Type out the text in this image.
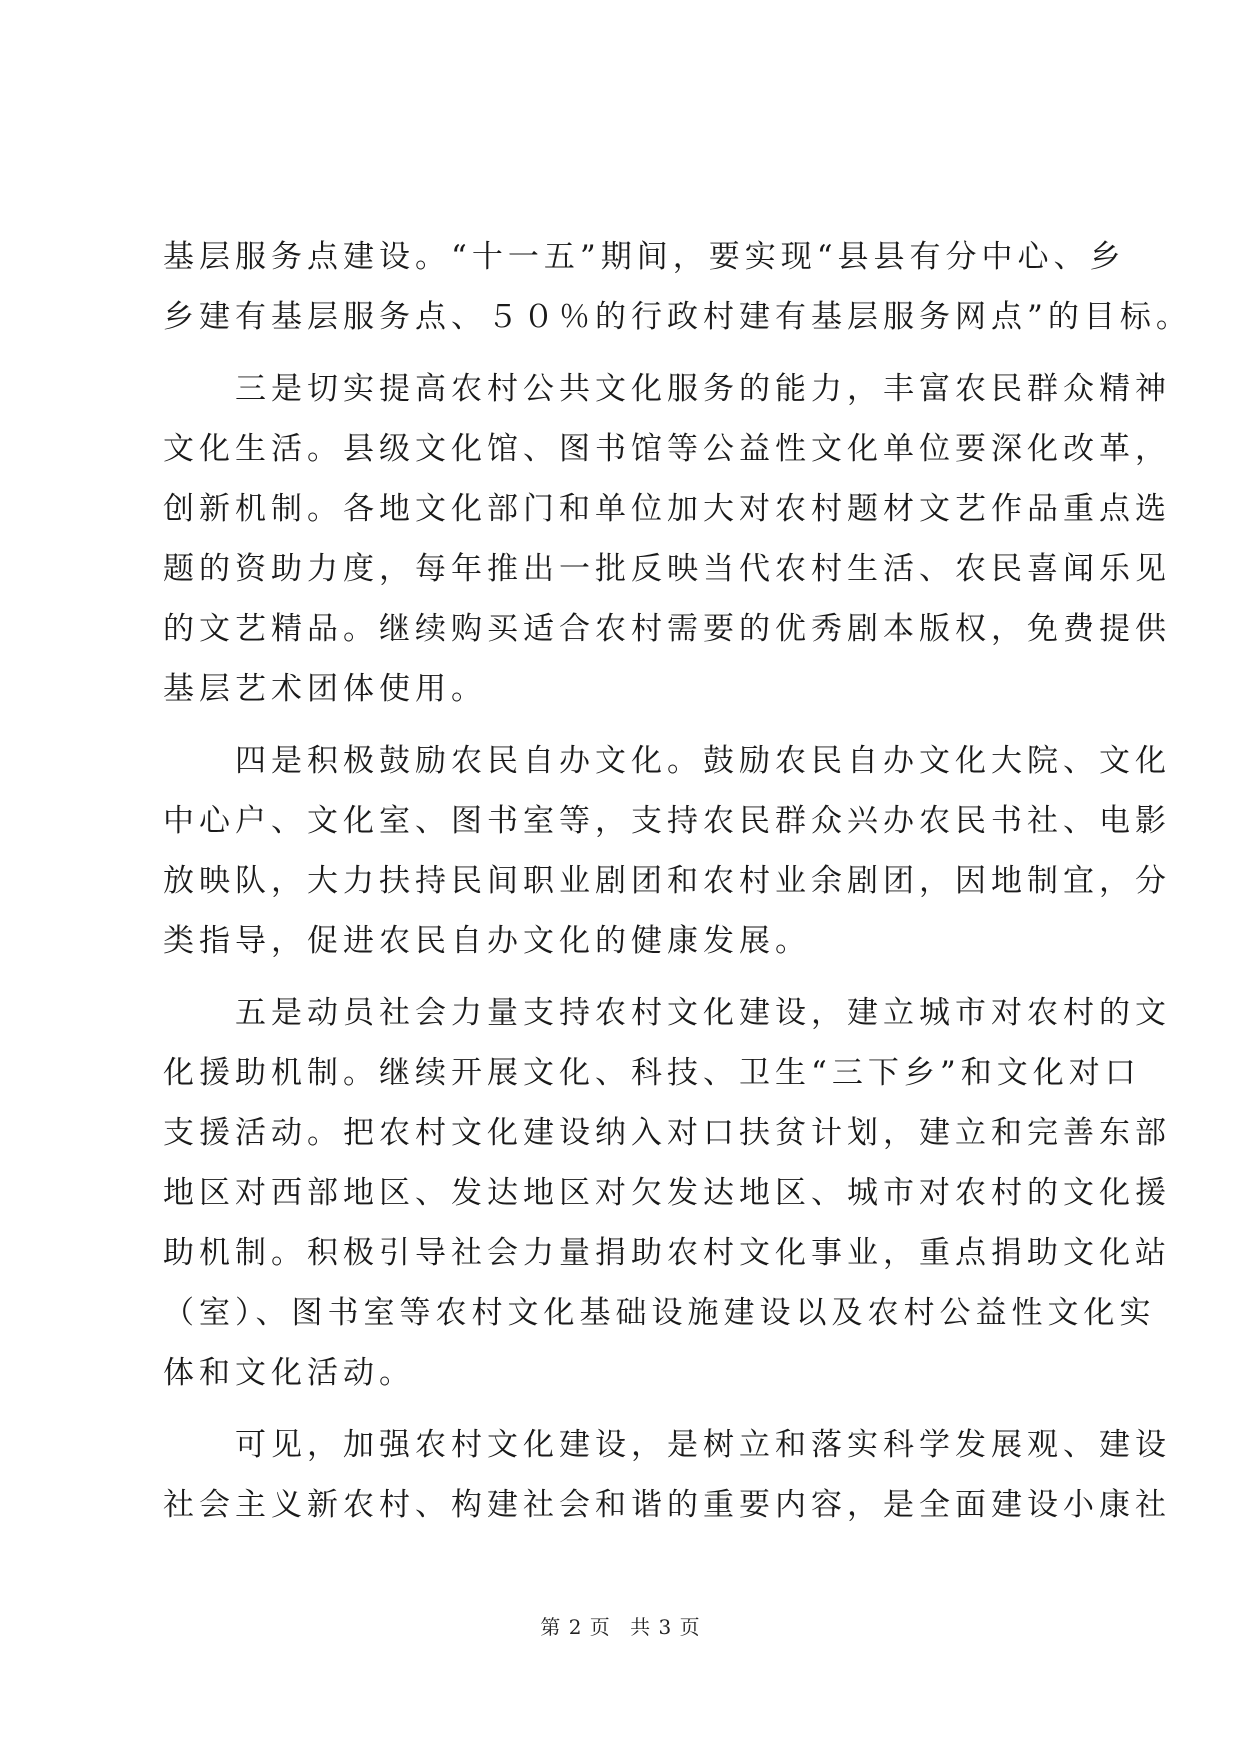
基层服务点建设。“十一五”期间，要实现“县县有分中心、乡
乡建有基层服务点、５０％的行政村建有基层服务网点”的目标。
三是切实提高农村公共文化服务的能力，丰富农民群众精神
文化生活。县级文化馆、图书馆等公益性文化单位要深化改革，
创新机制。各地文化部门和单位加大对农村题材文艺作品重点选
题的资助力度，每年推出一批反映当代农村生活、农民喜闻乐见
的文艺精品。继续购买适合农村需要的优秀剧本版权，免费提供
基层艺术团体使用。
四是积极鼓励农民自办文化。鼓励农民自办文化大院、文化
中心户、文化室、图书室等，支持农民群众兴办农民书社、电影
放映队，大力扶持民间职业剧团和农村业余剧团，因地制宜，分
类指导，促进农民自办文化的健康发展。
五是动员社会力量支持农村文化建设，建立城市对农村的文
化援助机制。继续开展文化、科技、卫生“三下乡”和文化对口
支援活动。把农村文化建设纳入对口扶贫计划，建立和完善东部
地区对西部地区、发达地区对欠发达地区、城市对农村的文化援
助机制。积极引导社会力量捐助农村文化事业，重点捐助文化站
（室）、图书室等农村文化基础设施建设以及农村公益性文化实
体和文化活动。
可见，加强农村文化建设，是树立和落实科学发展观、建设
社会主义新农村、构建社会和谐的重要内容，是全面建设小康社
第 2 页 共 3 页
